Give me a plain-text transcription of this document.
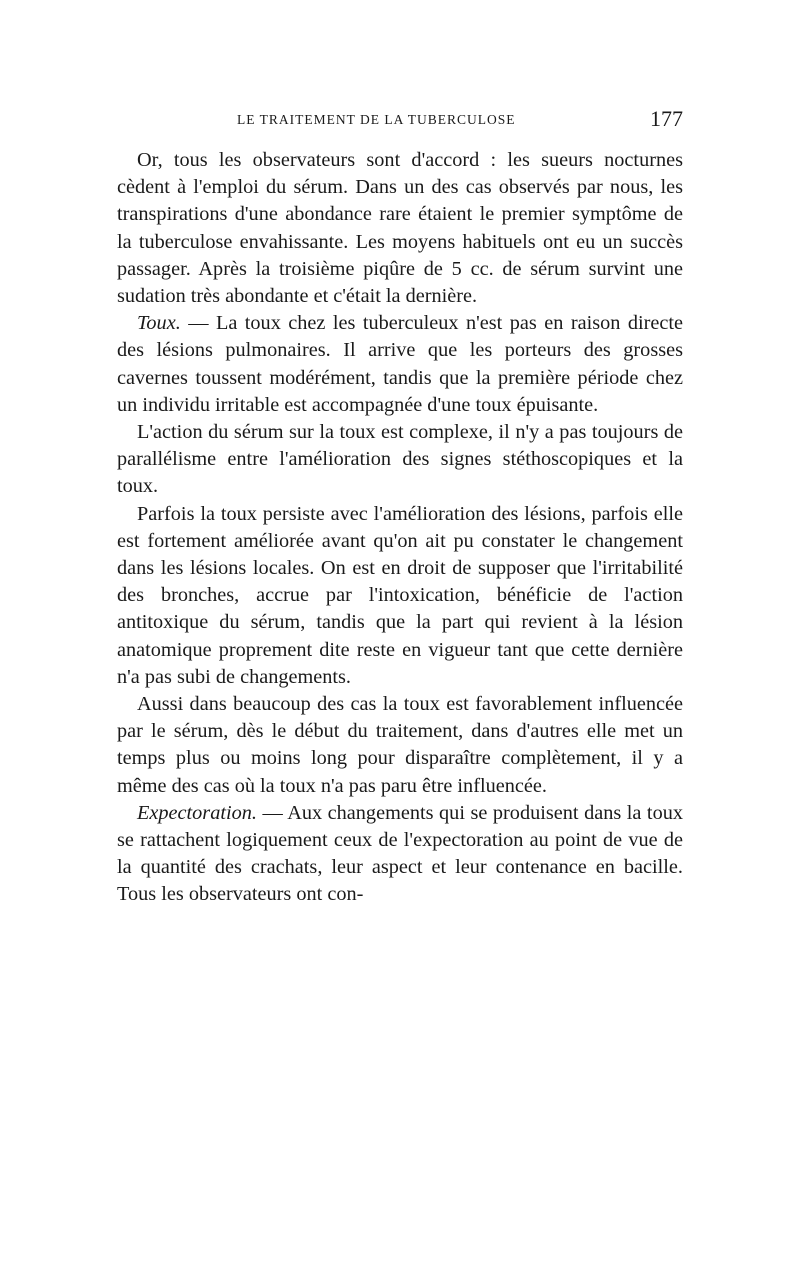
LE TRAITEMENT DE LA TUBERCULOSE	177

Or, tous les observateurs sont d'accord : les sueurs nocturnes cèdent à l'emploi du sérum. Dans un des cas observés par nous, les transpirations d'une abondance rare étaient le premier symptôme de la tuberculose envahissante. Les moyens habituels ont eu un succès passager. Après la troisième piqûre de 5 cc. de sérum survint une sudation très abondante et c'était la dernière.

Toux. — La toux chez les tuberculeux n'est pas en raison directe des lésions pulmonaires. Il arrive que les porteurs des grosses cavernes toussent modérément, tandis que la première période chez un individu irritable est accompagnée d'une toux épuisante.

L'action du sérum sur la toux est complexe, il n'y a pas toujours de parallélisme entre l'amélioration des signes stéthoscopiques et la toux.

Parfois la toux persiste avec l'amélioration des lésions, parfois elle est fortement améliorée avant qu'on ait pu constater le changement dans les lésions locales. On est en droit de supposer que l'irritabilité des bronches, accrue par l'intoxication, bénéficie de l'action antitoxique du sérum, tandis que la part qui revient à la lésion anatomique proprement dite reste en vigueur tant que cette dernière n'a pas subi de changements.

Aussi dans beaucoup des cas la toux est favorablement influencée par le sérum, dès le début du traitement, dans d'autres elle met un temps plus ou moins long pour disparaître complètement, il y a même des cas où la toux n'a pas paru être influencée.

Expectoration. — Aux changements qui se produisent dans la toux se rattachent logiquement ceux de l'expectoration au point de vue de la quantité des crachats, leur aspect et leur contenance en bacille. Tous les observateurs ont con-
